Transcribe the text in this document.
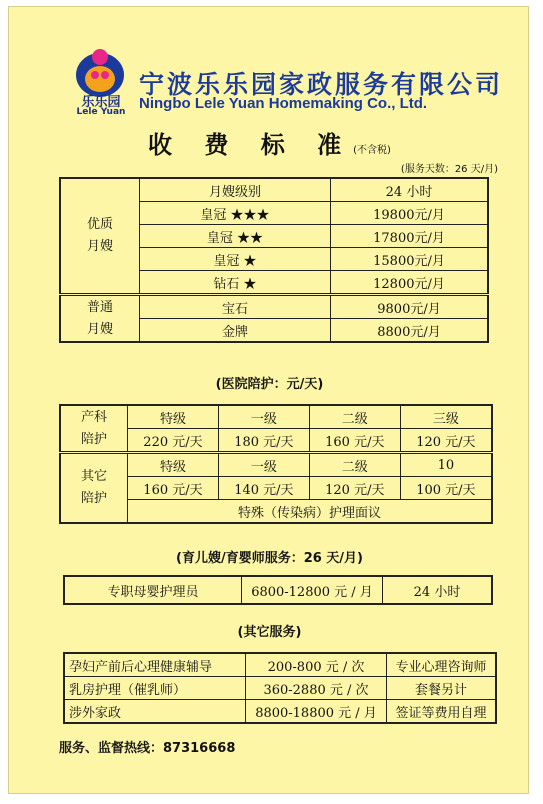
乐乐园
Lele Yuan
宁波乐乐园家政服务有限公司
Ningbo Lele Yuan Homemaking Co., Ltd.
收 费 标 准(不含税)
(服务天数：26 天/月)
优质
月嫂	月嫂级别	24 小时
	皇冠 ★★★	19800元/月
	皇冠 ★★	17800元/月
	皇冠 ★	15800元/月
	钻石 ★	12800元/月
普通
月嫂	宝石	9800元/月
	金牌	8800元/月
(医院陪护：元/天)
产科
陪护	特级	一级	二级	三级
	220 元/天	180 元/天	160 元/天	120 元/天
其它
陪护	特级	一级	二级	10
	160 元/天	140 元/天	120 元/天	100 元/天
	特殊（传染病）护理面议			
(育儿嫂/育婴师服务：26 天/月)
专职母婴护理员	6800-12800 元 / 月	24 小时
(其它服务)
孕妇产前后心理健康辅导	200-800 元 / 次	专业心理咨询师
乳房护理（催乳师）	360-2880 元 / 次	套餐另计
涉外家政	8800-18800 元 / 月	签证等费用自理
服务、监督热线：87316668
